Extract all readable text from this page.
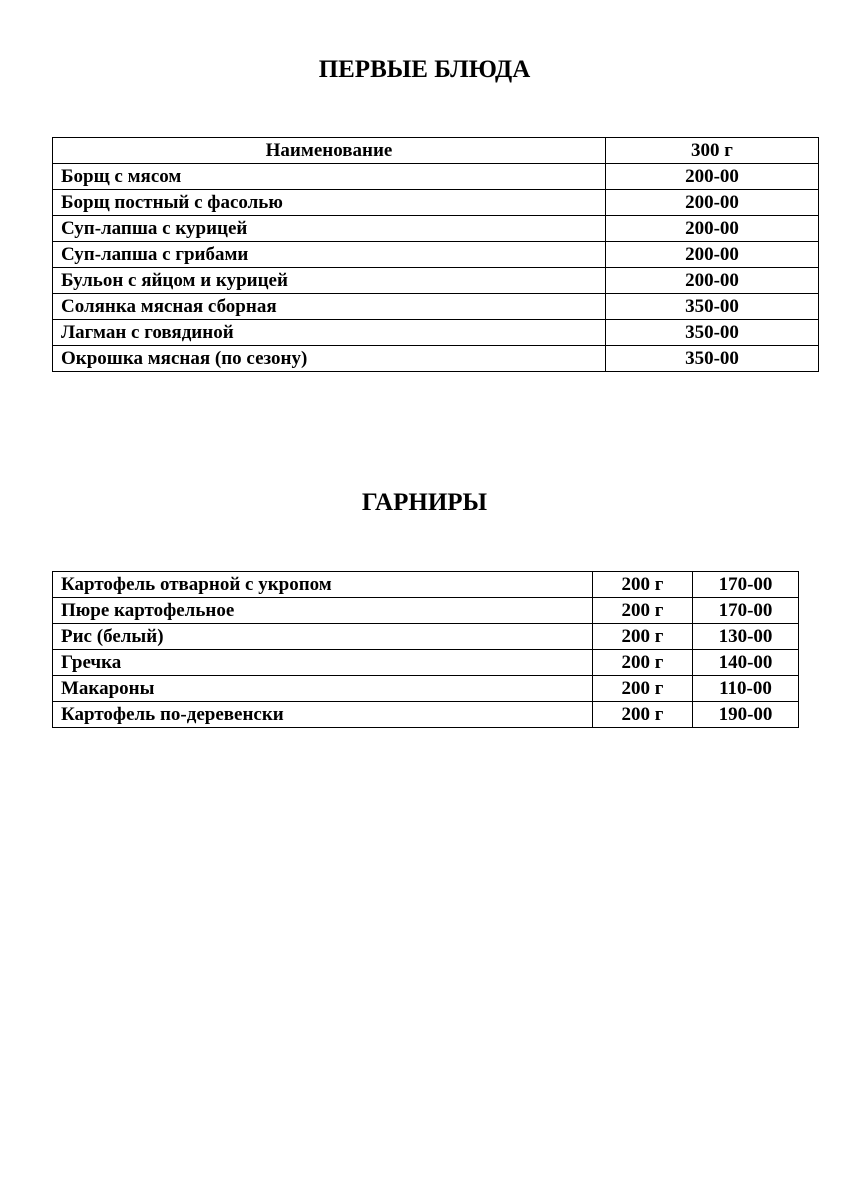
ПЕРВЫЕ БЛЮДА
Наименование	300 г
Борщ с мясом	200-00
Борщ постный с фасолью	200-00
Суп-лапша с курицей	200-00
Суп-лапша с грибами	200-00
Бульон с яйцом и курицей	200-00
Солянка мясная сборная	350-00
Лагман с говядиной	350-00
Окрошка мясная (по сезону)	350-00
ГАРНИРЫ
Картофель отварной с укропом	200 г	170-00
Пюре картофельное	200 г	170-00
Рис (белый)	200 г	130-00
Гречка	200 г	140-00
Макароны	200 г	110-00
Картофель по-деревенски	200 г	190-00
